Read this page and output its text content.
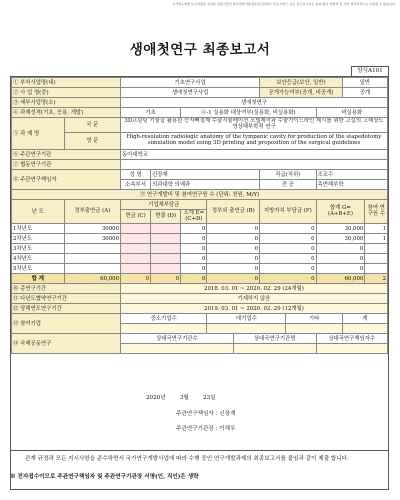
국가연구개발 보고서원문 성과물 전담기관인 한국과학기술정보연구원에서 가공.서비스 하는 연구보고서는 동의 없이 상업적 및 기타 영리목적으로 사용할 수 없습니다.
생애첫연구 최종보고서
양식A101
① 부처사업명(대)		기초연구사업					보안등급(보안, 일반)			일반	
② 사 업 명(중)		생애첫연구사업					공개가능여부(공개, 비공개)			공개	
③ 세부사업명(소)		생애첫연구									
④ 과제성격(기초, 응용, 개발)		기초		④-1 실용화 대상여부(실용화, 비실용화)					비실용화		
⑤ 과 제 명	국 문	3D프린팅 기술을 활용한 등자뼈절제 수술시뮬레이션 모델제작과 수술가이드라인 제시를 위한 고실의 고해상도 영상해부학적 연구									
	영 문	High-resolution radiologic anatomy of the tympanic cavity for production of the stapedotomy simulation model using 3D printing and proposition of the surgical guidelines									
⑥ 주관연구기관		동아대학교									
⑦ 협동연구기관											
⑧ 주관연구책임자		성 명	신장재				직급(직위)		조교수		
		소속부서	의과대학 의예과				전 공		측면해부학		
⑨ 연구개발비 및 참여연구원 수 (단위: 천원, M/Y)											
년 도	정부출연금 (A)	기업체부담금			정부외 출연금 (B)		지방자치 부담금 (F)		합계 G=(A+B+E)		참여 연구원 수
		현금 (C)	현물 (D)	소계 E=(C+D)							
1차년도	30000			0	0		0		30,000		1
2차년도	30000			0	0		0		30,000		1
3차년도				0	0		0		0		
4차년도				0	0		0		0		
5차년도				0	0		0		0		
합 계	60,000	0	0	0	0		0		60,000		2
⑩ 총연구기간		2018. 03. 01 ~ 2020. 02. 29 (24개월)									
⑪ 다년도협약연구기간		기재하지 않음									
⑫ 당해연도연구기간		2019. 03. 01 ~ 2020. 02. 29 (12개월)									
⑬ 참여기업		중소기업수			대기업수			기타		계	

⑭ 국제공동연구		상대국연구기관수				상대국연구기관명			상대국연구책임자수		

관계 규정과 모든 지시사항을 준수하면서 국가연구개발사업에 따라 수행 중인 연구개발과제의 최종보고서를 붙임과 같이 제출 합니다.
2020년	3월	23일
주관연구책임자 : 신장재
주관연구기관장 : 이해우
※ 전자접수이므로 주관연구책임자 및 주관연구기관장 서명(인, 직인)은 생략
